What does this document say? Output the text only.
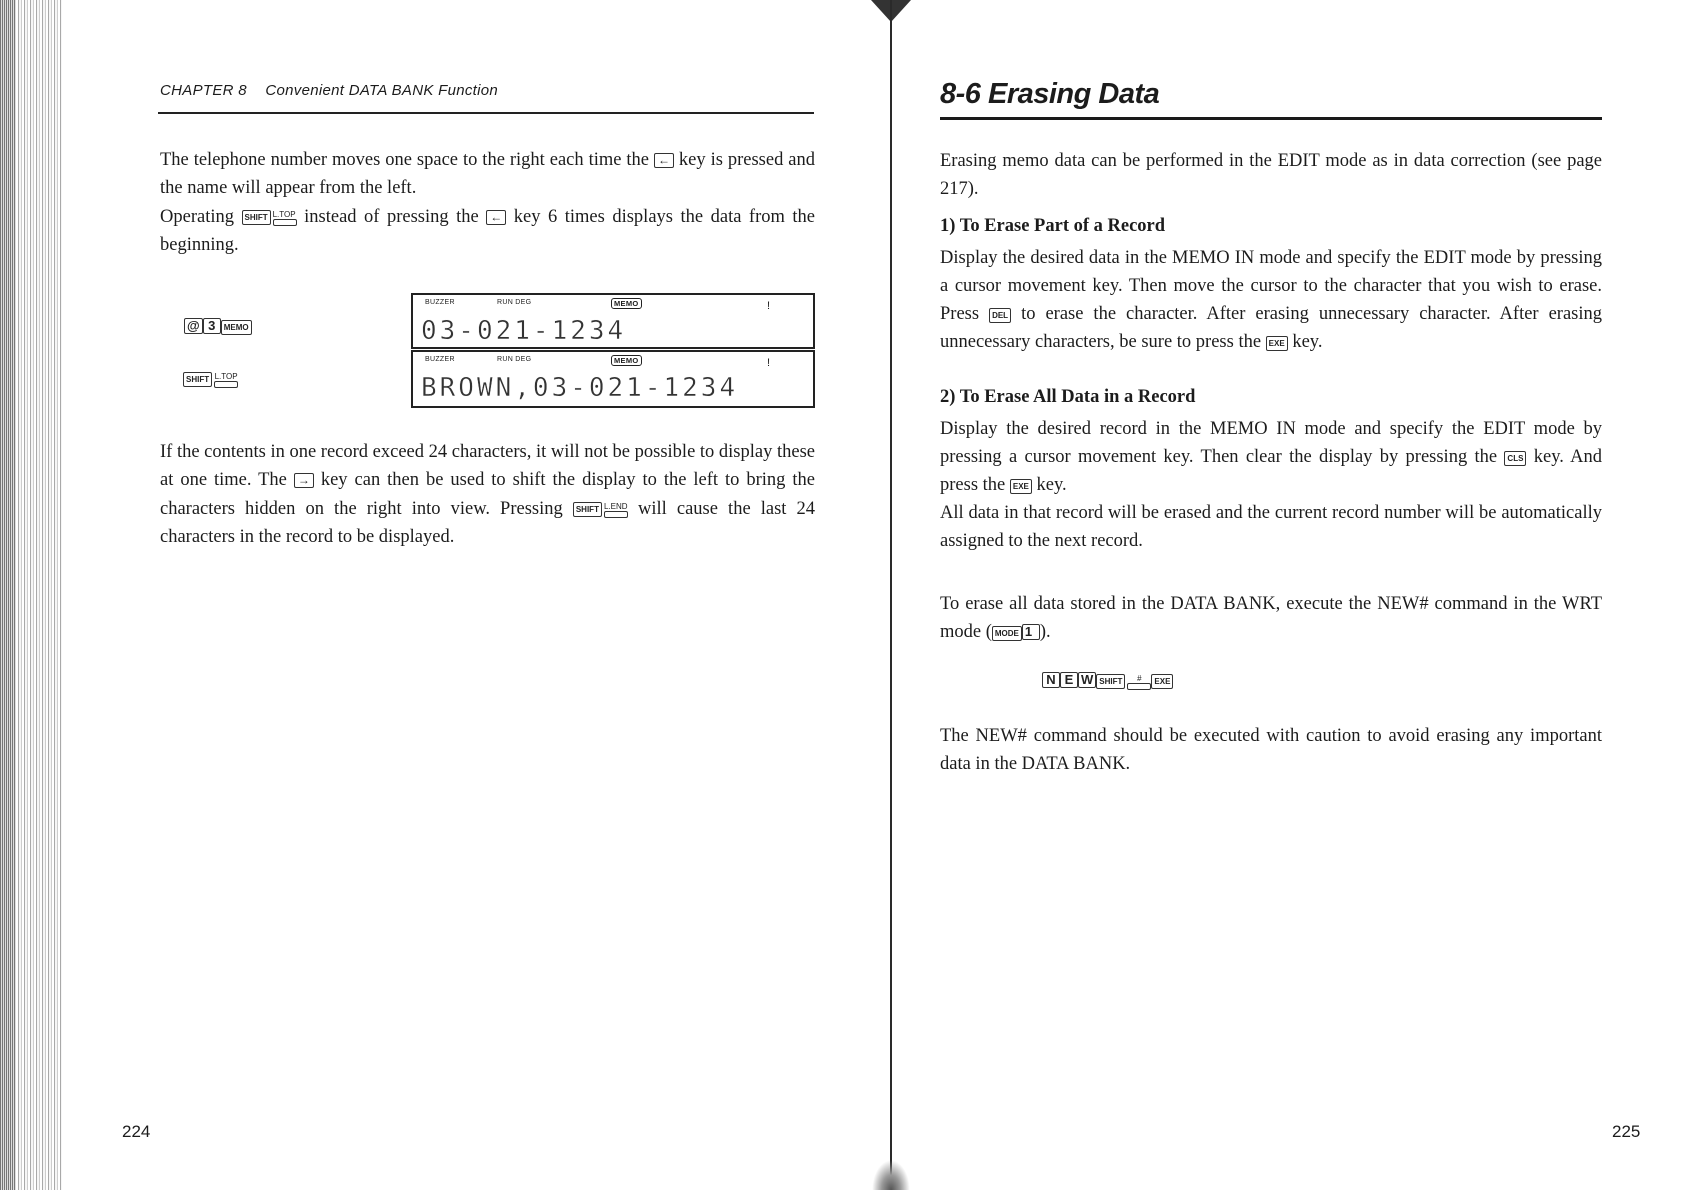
CHAPTER 8 Convenient DATA BANK Function

The telephone number moves one space to the right each time the ← key is pressed and the name will appear from the left.
Operating SHIFT L.TOP instead of pressing the ← key 6 times displays the data from the beginning.

@ 3 MEMO
SHIFT L.TOP
BUZZER	RUN DEG	MEMO	!
03-021-1234
BUZZER	RUN DEG	MEMO	!
BROWN,03-021-1234

If the contents in one record exceed 24 characters, it will not be possible to display these at one time. The → key can then be used to shift the display to the left to bring the characters hidden on the right into view. Pressing SHIFT L.END will cause the last 24 characters in the record to be displayed.

224
8-6 Erasing Data

Erasing memo data can be performed in the EDIT mode as in data correction (see page 217).

1) To Erase Part of a Record

Display the desired data in the MEMO IN mode and specify the EDIT mode by pressing a cursor movement key. Then move the cursor to the character that you wish to erase. Press DEL to erase the character. After erasing unnecessary character. After erasing unnecessary characters, be sure to press the EXE key.

2) To Erase All Data in a Record

Display the desired record in the MEMO IN mode and specify the EDIT mode by pressing a cursor movement key. Then clear the display by pressing the CLS key. And press the EXE key.
All data in that record will be erased and the current record number will be automatically assigned to the next record.

To erase all data stored in the DATA BANK, execute the NEW# command in the WRT mode ( MODE 1 ).

N E W SHIFT # EXE

The NEW# command should be executed with caution to avoid erasing any important data in the DATA BANK.

225
